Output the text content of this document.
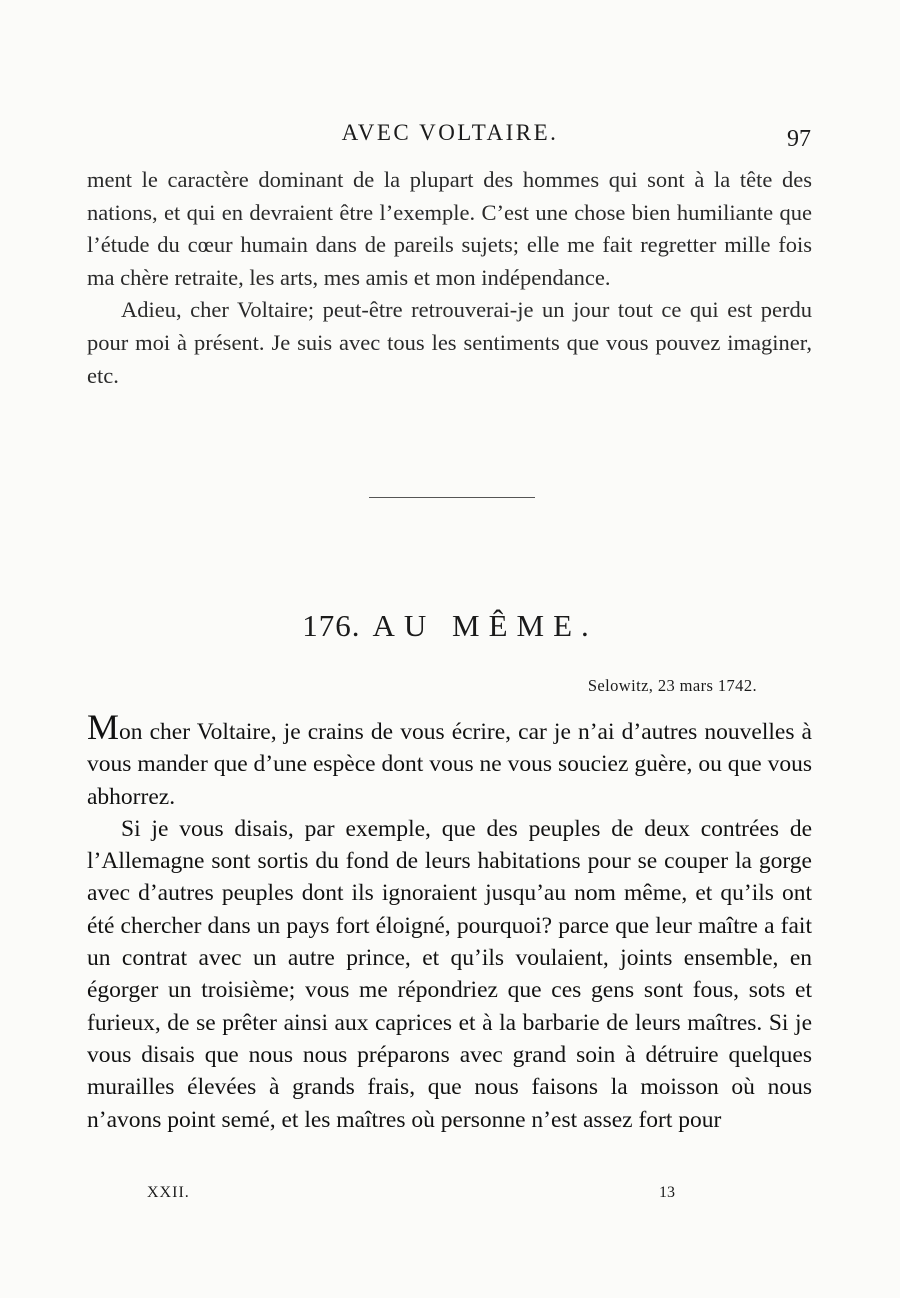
AVEC VOLTAIRE.	97

ment le caractère dominant de la plupart des hommes qui sont à la tête des nations, et qui en devraient être l’exemple. C’est une chose bien humiliante que l’étude du cœur humain dans de pareils sujets; elle me fait regretter mille fois ma chère retraite, les arts, mes amis et mon indépendance.

Adieu, cher Voltaire; peut-être retrouverai-je un jour tout ce qui est perdu pour moi à présent. Je suis avec tous les sentiments que vous pouvez imaginer, etc.

176. AU MÊME.
Selowitz, 23 mars 1742.

Mon cher Voltaire, je crains de vous écrire, car je n’ai d’autres nouvelles à vous mander que d’une espèce dont vous ne vous souciez guère, ou que vous abhorrez.

Si je vous disais, par exemple, que des peuples de deux contrées de l’Allemagne sont sortis du fond de leurs habitations pour se couper la gorge avec d’autres peuples dont ils ignoraient jusqu’au nom même, et qu’ils ont été chercher dans un pays fort éloigné, pourquoi? parce que leur maître a fait un contrat avec un autre prince, et qu’ils voulaient, joints ensemble, en égorger un troisième; vous me répondriez que ces gens sont fous, sots et furieux, de se prêter ainsi aux caprices et à la barbarie de leurs maîtres. Si je vous disais que nous nous préparons avec grand soin à détruire quelques murailles élevées à grands frais, que nous faisons la moisson où nous n’avons point semé, et les maîtres où personne n’est assez fort pour

XXII.	13
